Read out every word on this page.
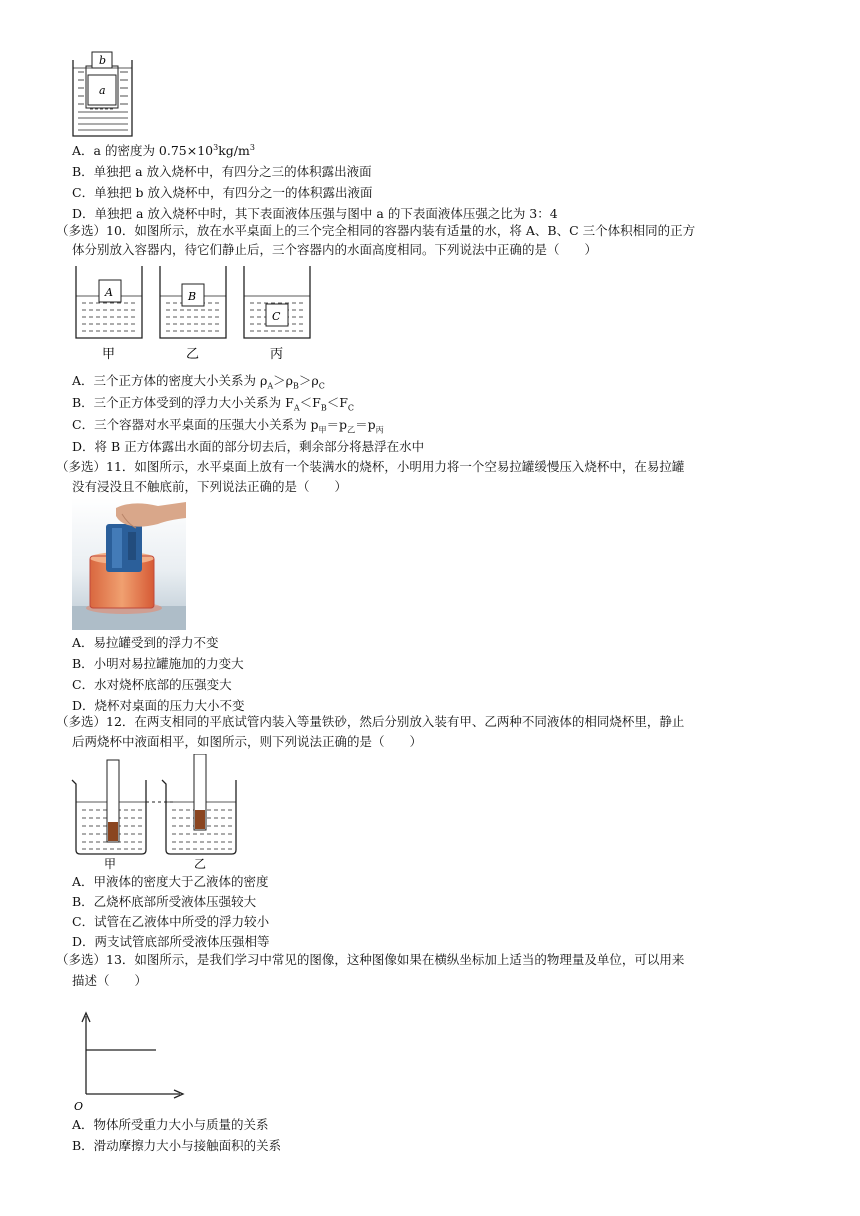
b
a
A．a 的密度为 $0.75\times 10^3kg/m^3$
B．单独把 a 放入烧杯中，有四分之三的体积露出液面
C．单独把 b 放入烧杯中，有四分之一的体积露出液面
D．单独把 a 放入烧杯中时，其下表面液体压强与图中 a 的下表面液体压强之比为 3：4
（多选）10．如图所示，放在水平桌面上的三个完全相同的容器内装有适量的水，将 A、B、C 三个体积相同的正方
体分别放入容器内，待它们静止后，三个容器内的水面高度相同。下列说法中正确的是（　　）
A
甲
B
乙
C
丙
A．三个正方体的密度大小关系为 $\rho_A>\rho_B>\rho_C$
B．三个正方体受到的浮力大小关系为 $F_A<F_B<F_C$
C．三个容器对水平桌面的压强大小关系为 $p_甲=p_乙=p_丙$
D．将 B 正方体露出水面的部分切去后，剩余部分将悬浮在水中
（多选）11．如图所示，水平桌面上放有一个装满水的烧杯，小明用力将一个空易拉罐缓慢压入烧杯中，在易拉罐
没有浸没且不触底前，下列说法正确的是（　　）
A．易拉罐受到的浮力不变
B．小明对易拉罐施加的力变大
C．水对烧杯底部的压强变大
D．烧杯对桌面的压力大小不变
（多选）12．在两支相同的平底试管内装入等量铁砂，然后分别放入装有甲、乙两种不同液体的相同烧杯里，静止
后两烧杯中液面相平，如图所示，则下列说法正确的是（　　）
甲	乙
A．甲液体的密度大于乙液体的密度
B．乙烧杯底部所受液体压强较大
C．试管在乙液体中所受的浮力较小
D．两支试管底部所受液体压强相等
（多选）13．如图所示，是我们学习中常见的图像，这种图像如果在横纵坐标加上适当的物理量及单位，可以用来
描述（　　）
O
A．物体所受重力大小与质量的关系
B．滑动摩擦力大小与接触面积的关系
